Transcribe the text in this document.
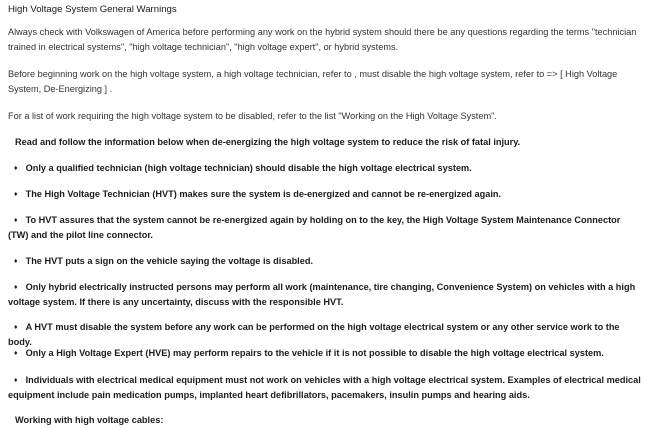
High Voltage System General Warnings

Always check with Volkswagen of America before performing any work on the hybrid system should there be any questions regarding the terms "technician trained in electrical systems", "high voltage technician", "high voltage expert", or hybrid systems.

Before beginning work on the high voltage system, a high voltage technician, refer to , must disable the high voltage system, refer to => [ High Voltage System, De-Energizing ] .

For a list of work requiring the high voltage system to be disabled, refer to the list "Working on the High Voltage System".

Read and follow the information below when de-energizing the high voltage system to reduce the risk of fatal injury.

♦ Only a qualified technician (high voltage technician) should disable the high voltage electrical system.

♦ The High Voltage Technician (HVT) makes sure the system is de-energized and cannot be re-energized again.

♦ To HVT assures that the system cannot be re-energized again by holding on to the key, the High Voltage System Maintenance Connector (TW) and the pilot line connector.

♦ The HVT puts a sign on the vehicle saying the voltage is disabled.

♦ Only hybrid electrically instructed persons may perform all work (maintenance, tire changing, Convenience System) on vehicles with a high voltage system. If there is any uncertainty, discuss with the responsible HVT.

♦ A HVT must disable the system before any work can be performed on the high voltage electrical system or any other service work to the body.

♦ Only a High Voltage Expert (HVE) may perform repairs to the vehicle if it is not possible to disable the high voltage electrical system.

♦ Individuals with electrical medical equipment must not work on vehicles with a high voltage electrical system. Examples of electrical medical equipment include pain medication pumps, implanted heart defibrillators, pacemakers, insulin pumps and hearing aids.

Working with high voltage cables:
